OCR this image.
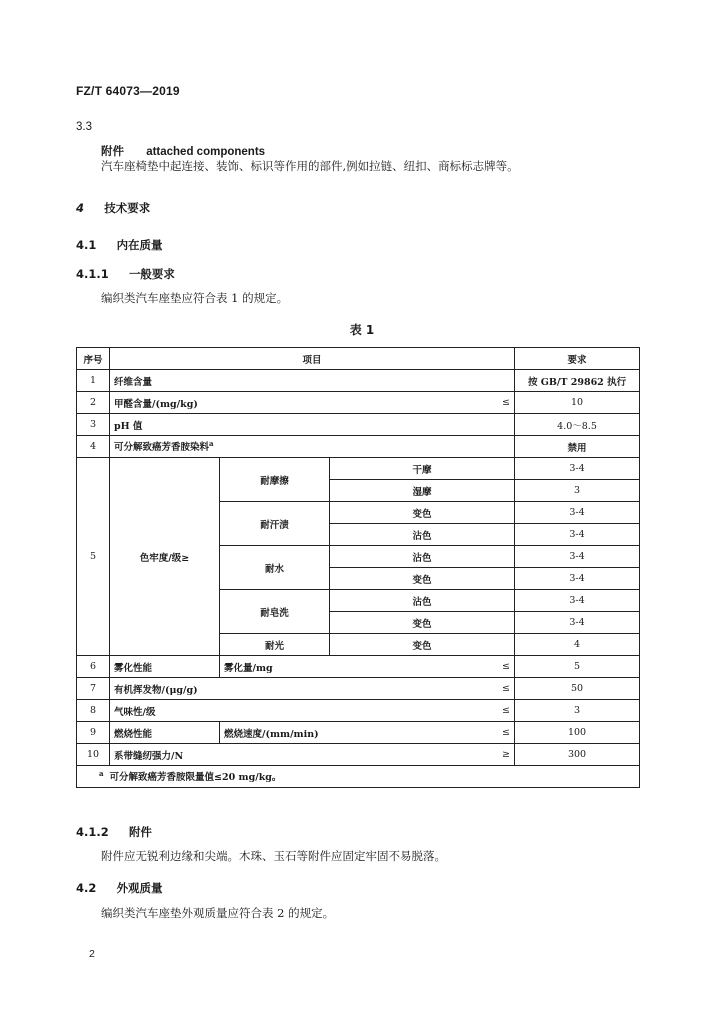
FZ/T 64073—2019
3.3
附件 attached components
汽车座椅垫中起连接、装饰、标识等作用的部件,例如拉链、纽扣、商标标志牌等。
4 技术要求
4.1 内在质量
4.1.1 一般要求
编织类汽车座垫应符合表 1 的规定。
表 1
序号	项目				要求
1	纤维含量				按 GB/T 29862 执行
2	甲醛含量/(mg/kg)			≤	10
3	pH 值				4.0～8.5
4	可分解致癌芳香胺染料$^a$				禁用
5	色牢度/级≥	耐摩擦	干摩		3-4
			湿摩		3
		耐汗渍	变色		3-4
			沾色		3-4
		耐水	沾色		3-4
			变色		3-4
		耐皂洗	沾色		3-4
			变色		3-4
		耐光	变色		4
6	雾化性能	雾化量/mg		≤	5
7	有机挥发物/(μg/g)			≤	50
8	气味性/级			≤	3
9	燃烧性能	燃烧速度/(mm/min)		≤	100
10	系带缝纫强力/N			≥	300
$^a$ 可分解致癌芳香胺限量值≤20 mg/kg。					
4.1.2 附件
附件应无锐利边缘和尖端。木珠、玉石等附件应固定牢固不易脱落。
4.2 外观质量
编织类汽车座垫外观质量应符合表 2 的规定。
2
